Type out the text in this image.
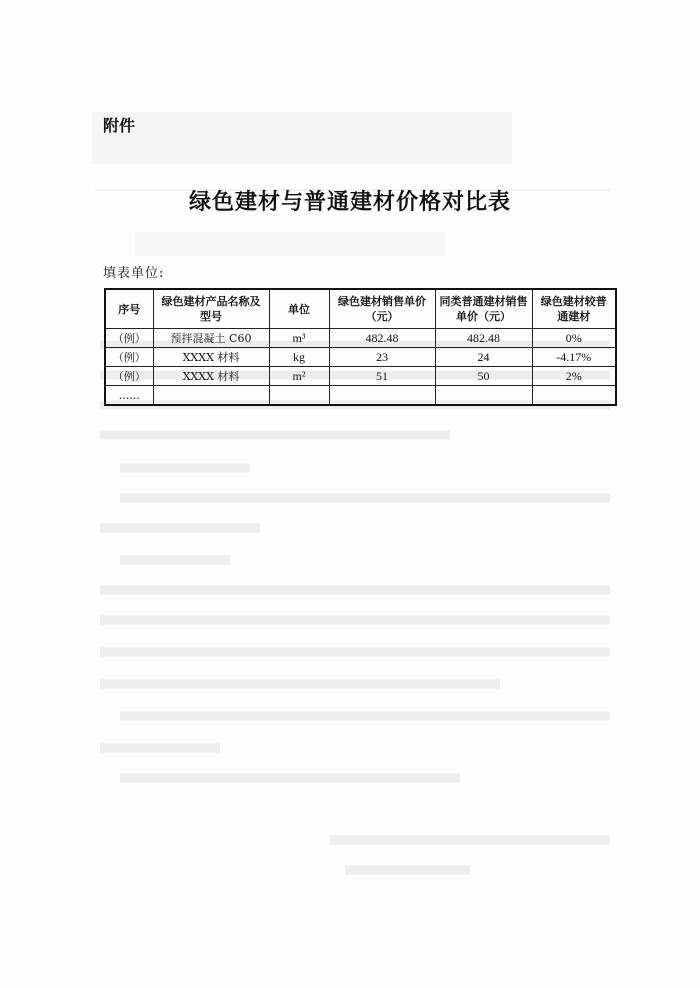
附件
绿色建材与普通建材价格对比表
填表单位:
序号	绿色建材产品名称及型号	单位	绿色建材销售单价（元）	同类普通建材销售单价（元）	绿色建材较普通建材
（例）	预拌混凝土 C60	m³	482.48	482.48	0%
（例）	XXXX 材料	kg	23	24	-4.17%
（例）	XXXX 材料	m²	51	50	2%
......					
